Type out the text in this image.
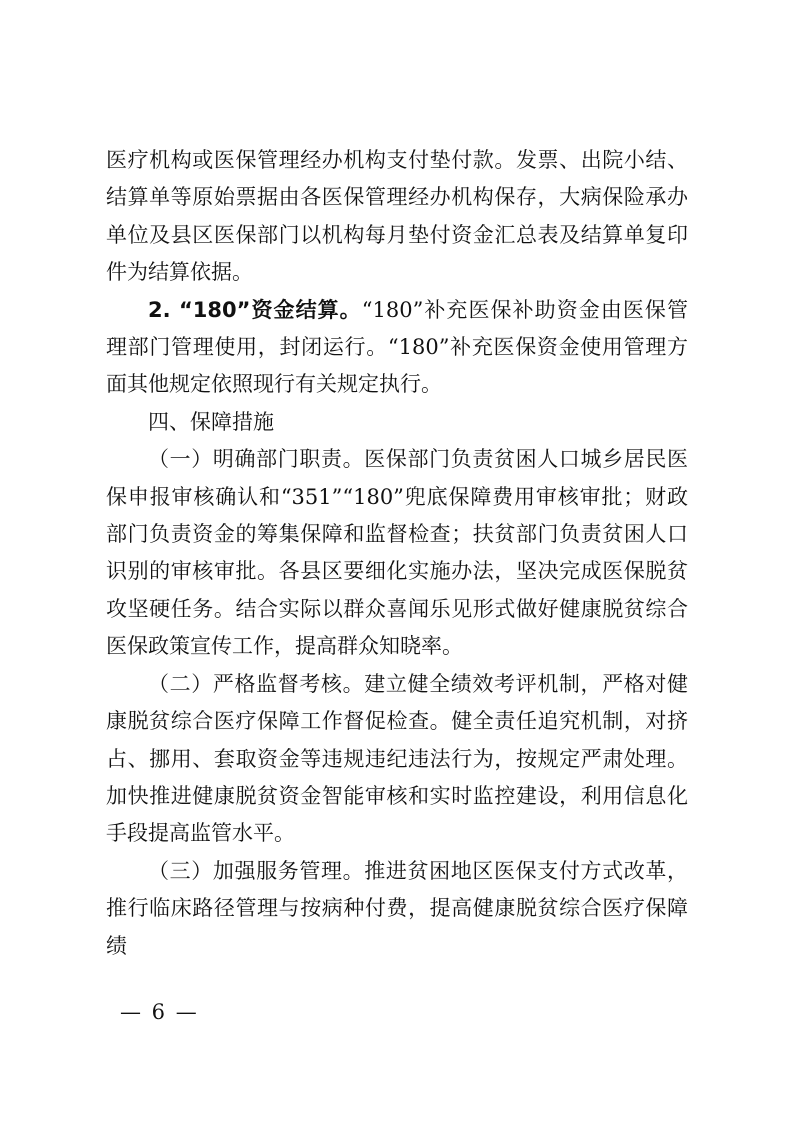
医疗机构或医保管理经办机构支付垫付款。发票、出院小结、结算单等原始票据由各医保管理经办机构保存，大病保险承办单位及县区医保部门以机构每月垫付资金汇总表及结算单复印件为结算依据。

2. “180”资金结算。“180”补充医保补助资金由医保管理部门管理使用，封闭运行。“180”补充医保资金使用管理方面其他规定依照现行有关规定执行。

四、保障措施

（一）明确部门职责。医保部门负责贫困人口城乡居民医保申报审核确认和“351”“180”兜底保障费用审核审批；财政部门负责资金的筹集保障和监督检查；扶贫部门负责贫困人口识别的审核审批。各县区要细化实施办法，坚决完成医保脱贫攻坚硬任务。结合实际以群众喜闻乐见形式做好健康脱贫综合医保政策宣传工作，提高群众知晓率。

（二）严格监督考核。建立健全绩效考评机制，严格对健康脱贫综合医疗保障工作督促检查。健全责任追究机制，对挤占、挪用、套取资金等违规违纪违法行为，按规定严肃处理。加快推进健康脱贫资金智能审核和实时监控建设，利用信息化手段提高监管水平。

（三）加强服务管理。推进贫困地区医保支付方式改革，推行临床路径管理与按病种付费，提高健康脱贫综合医疗保障绩

— 6 —
